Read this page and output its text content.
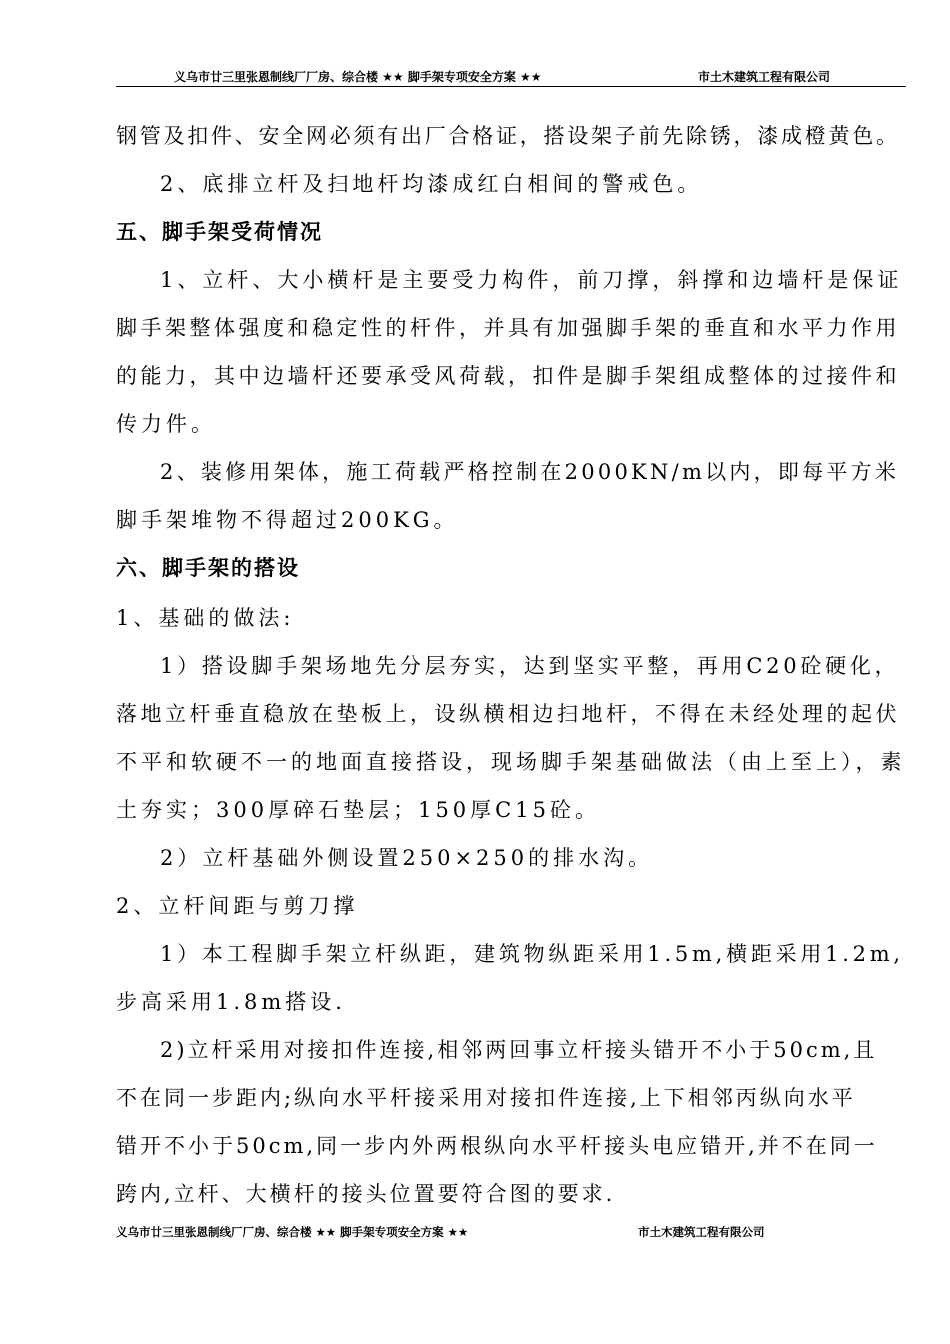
义乌市廿三里张恩制线厂厂房、综合楼 ★★ 脚手架专项安全方案 ★★	市土木建筑工程有限公司
钢管及扣件、安全网必须有出厂合格证，搭设架子前先除锈，漆成橙黄色。
2、底排立杆及扫地杆均漆成红白相间的警戒色。
五、脚手架受荷情况
1、立杆、大小横杆是主要受力构件，前刀撑，斜撑和边墙杆是保证
脚手架整体强度和稳定性的杆件，并具有加强脚手架的垂直和水平力作用
的能力，其中边墙杆还要承受风荷载，扣件是脚手架组成整体的过接件和
传力件。
2、装修用架体，施工荷载严格控制在2000KN/m以内，即每平方米
脚手架堆物不得超过200KG。
六、脚手架的搭设
1、基础的做法:
1）搭设脚手架场地先分层夯实，达到坚实平整，再用C20砼硬化，
落地立杆垂直稳放在垫板上，设纵横相边扫地杆，不得在未经处理的起伏
不平和软硬不一的地面直接搭设，现场脚手架基础做法（由上至上），素
土夯实；300厚碎石垫层；150厚C15砼。
2）立杆基础外侧设置250×250的排水沟。
2、立杆间距与剪刀撑
1）本工程脚手架立杆纵距，建筑物纵距采用1.5m,横距采用1.2m,
步高采用1.8m搭设.
2)立杆采用对接扣件连接,相邻两回事立杆接头错开不小于50cm,且
不在同一步距内;纵向水平杆接采用对接扣件连接,上下相邻丙纵向水平
错开不小于50cm,同一步内外两根纵向水平杆接头电应错开,并不在同一
跨内,立杆、大横杆的接头位置要符合图的要求.
义乌市廿三里张恩制线厂厂房、综合楼 ★★ 脚手架专项安全方案 ★★	市土木建筑工程有限公司
